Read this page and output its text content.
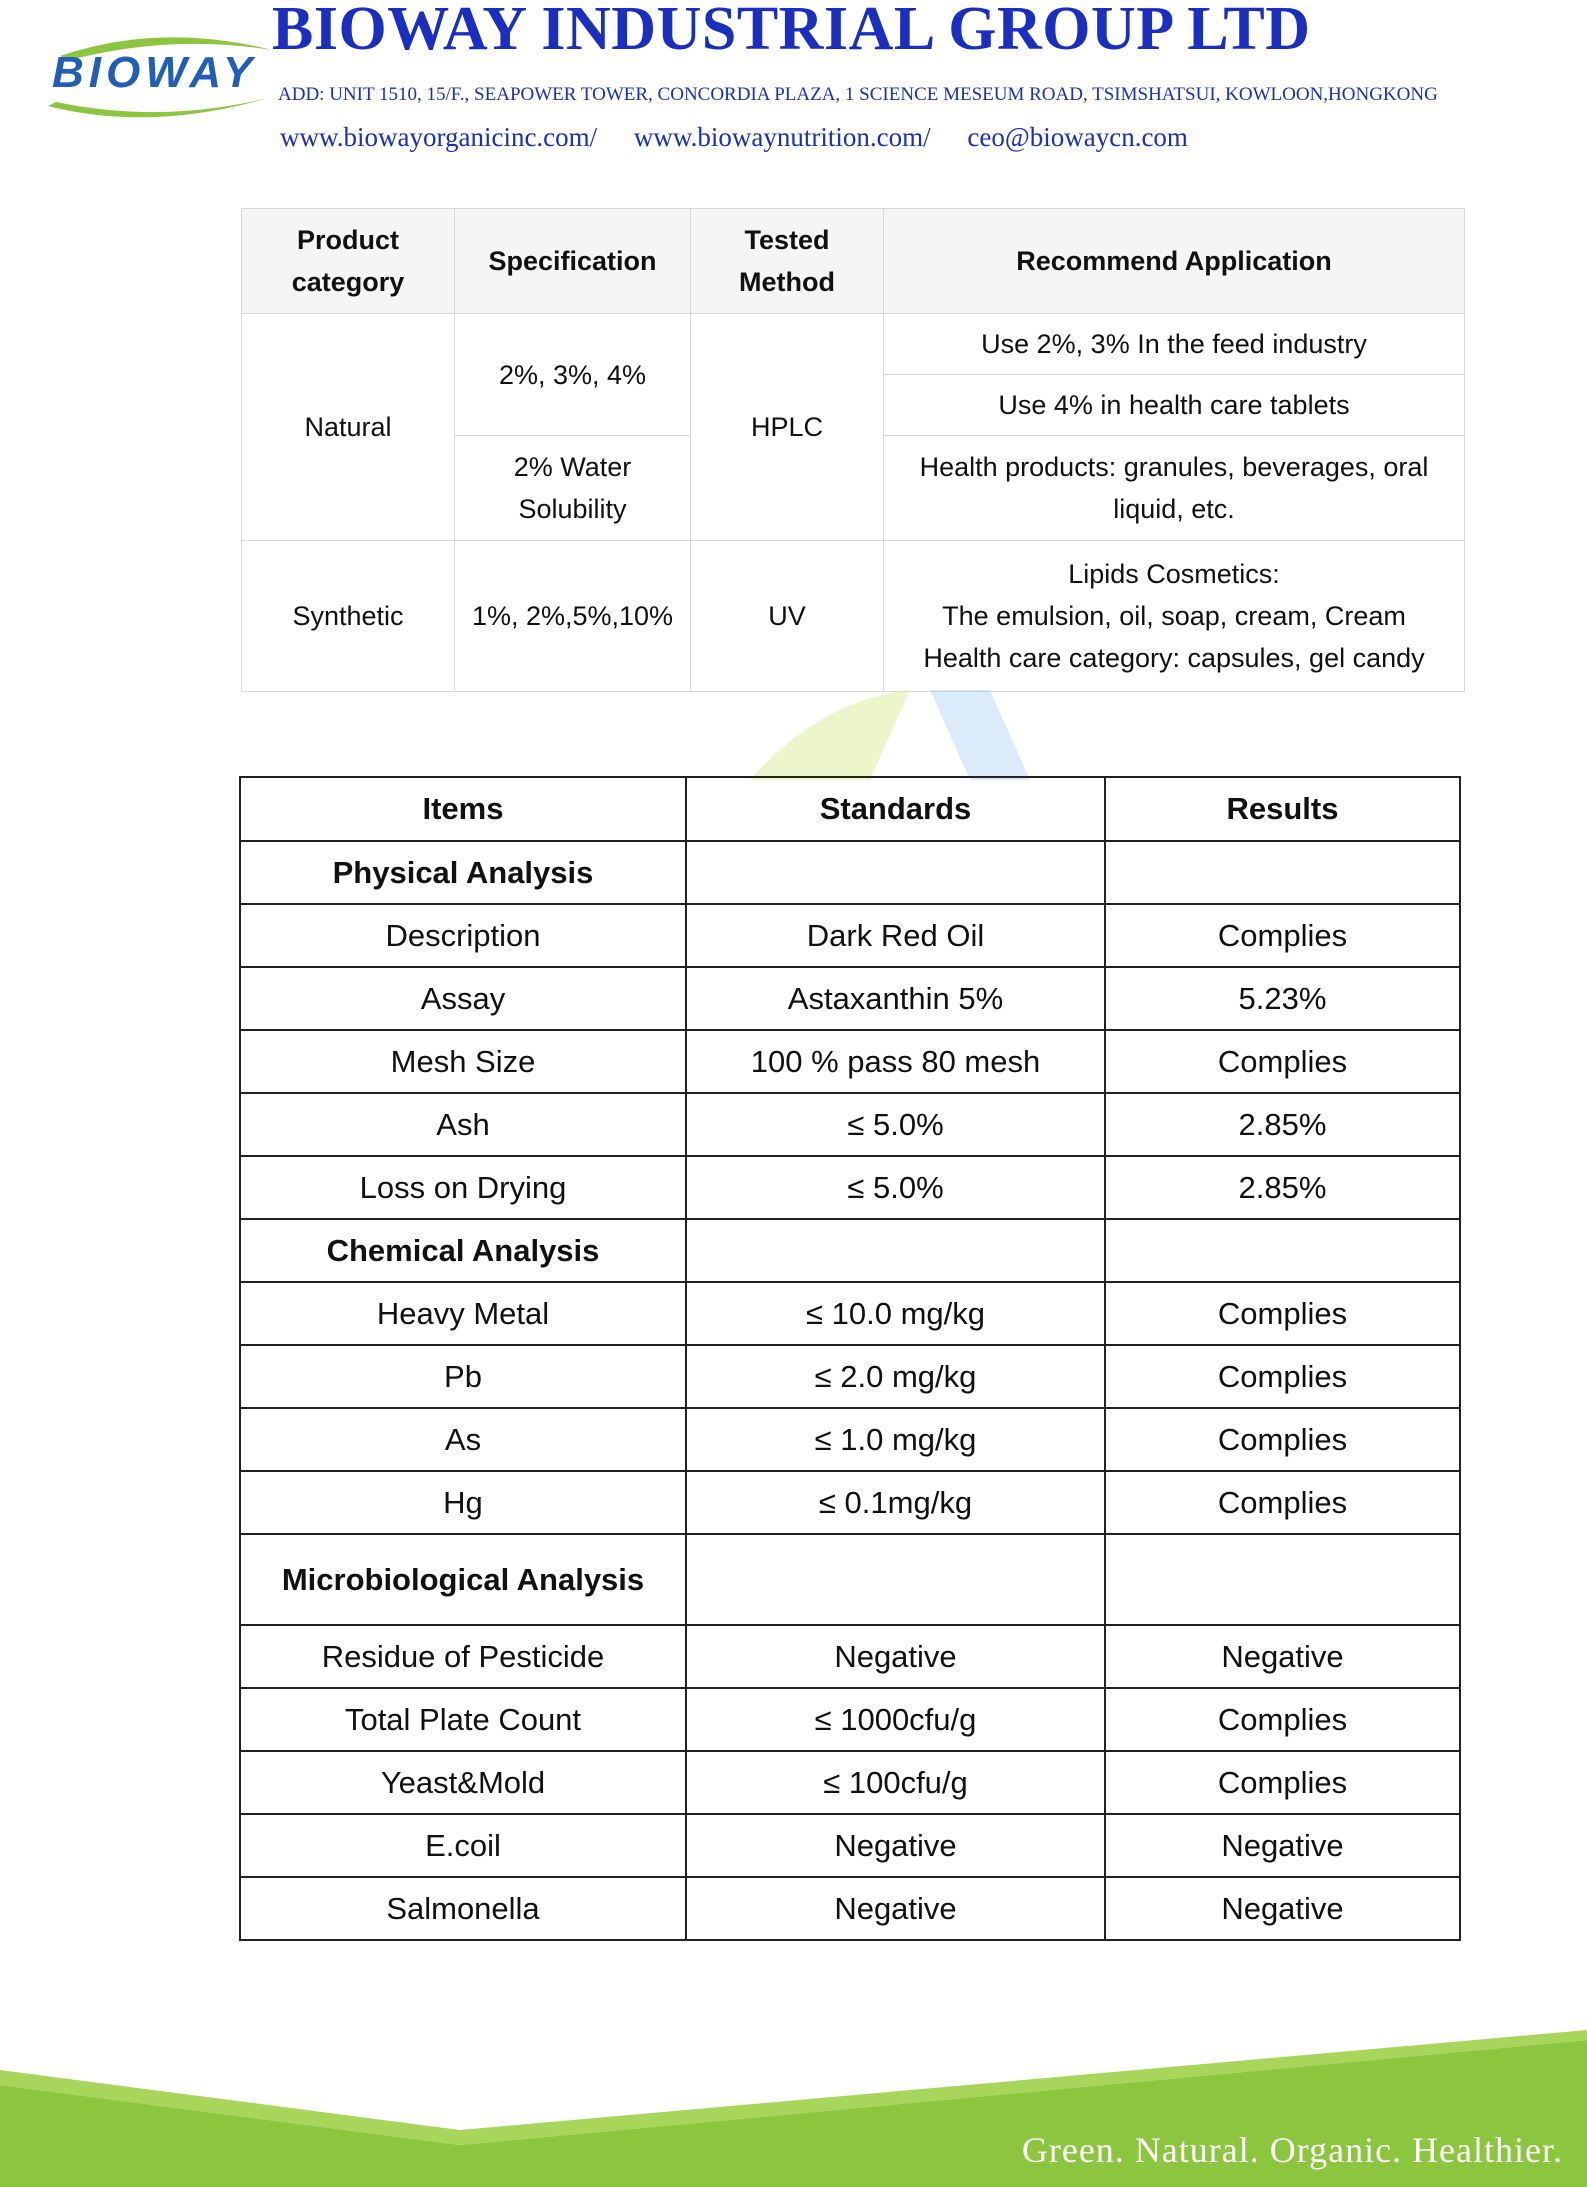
BIOWAY
BIOWAY INDUSTRIAL GROUP LTD
ADD: UNIT 1510, 15/F., SEAPOWER TOWER, CONCORDIA PLAZA, 1 SCIENCE MESEUM ROAD, TSIMSHATSUI, KOWLOON,HONGKONG
www.biowayorganicinc.com/ www.biowaynutrition.com/ ceo@biowaycn.com
Product category	Specification	Tested Method	Recommend Application
Natural	2%, 3%, 4%	HPLC	Use 2%, 3% In the feed industry
			Use 4% in health care tablets
	2% Water Solubility		Health products: granules, beverages, oral liquid, etc.
Synthetic	1%, 2%,5%,10%	UV	Lipids Cosmetics:
The emulsion, oil, soap, cream, Cream
Health care category: capsules, gel candy
Items	Standards	Results
Physical Analysis		
Description	Dark Red Oil	Complies
Assay	Astaxanthin 5%	5.23%
Mesh Size	100 % pass 80 mesh	Complies
Ash	≤ 5.0%	2.85%
Loss on Drying	≤ 5.0%	2.85%
Chemical Analysis		
Heavy Metal	≤ 10.0 mg/kg	Complies
Pb	≤ 2.0 mg/kg	Complies
As	≤ 1.0 mg/kg	Complies
Hg	≤ 0.1mg/kg	Complies
Microbiological Analysis		
Residue of Pesticide	Negative	Negative
Total Plate Count	≤ 1000cfu/g	Complies
Yeast&Mold	≤ 100cfu/g	Complies
E.coil	Negative	Negative
Salmonella	Negative	Negative
Green. Natural. Organic. Healthier.
